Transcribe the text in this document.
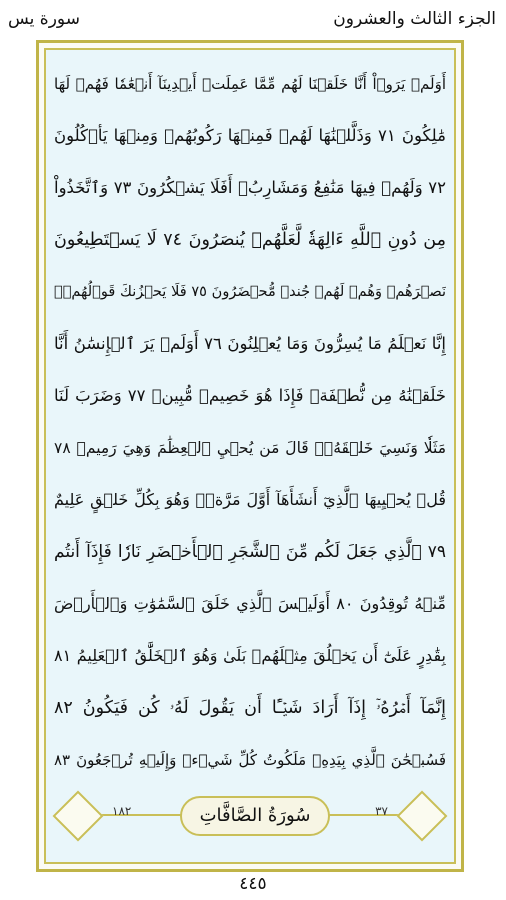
الجزء الثالث والعشرون
سورة يس
أَوَلَمۡ يَرَوۡاْ أَنَّا خَلَقۡنَا لَهُم مِّمَّا عَمِلَتۡ أَيۡدِينَآ أَنۡعَٰمٗا فَهُمۡ لَهَا
مَٰلِكُونَ ٧١ وَذَلَّلۡنَٰهَا لَهُمۡ فَمِنۡهَا رَكُوبُهُمۡ وَمِنۡهَا يَأۡكُلُونَ
٧٢ وَلَهُمۡ فِيهَا مَنَٰفِعُ وَمَشَارِبُۚ أَفَلَا يَشۡكُرُونَ ٧٣ وَٱتَّخَذُواْ
مِن دُونِ ٱللَّهِ ءَالِهَةٗ لَّعَلَّهُمۡ يُنصَرُونَ ٧٤ لَا يَسۡتَطِيعُونَ
نَصۡرَهُمۡ وَهُمۡ لَهُمۡ جُندٞ مُّحۡضَرُونَ ٧٥ فَلَا يَحۡزُنكَ قَوۡلُهُمۡۘ
إِنَّا نَعۡلَمُ مَا يُسِرُّونَ وَمَا يُعۡلِنُونَ ٧٦ أَوَلَمۡ يَرَ ٱلۡإِنسَٰنُ أَنَّا
خَلَقۡنَٰهُ مِن نُّطۡفَةٖ فَإِذَا هُوَ خَصِيمٞ مُّبِينٞ ٧٧ وَضَرَبَ لَنَا
مَثَلٗا وَنَسِيَ خَلۡقَهُۥۖ قَالَ مَن يُحۡيِ ٱلۡعِظَٰمَ وَهِيَ رَمِيمٞ ٧٨
قُلۡ يُحۡيِيهَا ٱلَّذِيٓ أَنشَأَهَآ أَوَّلَ مَرَّةٖۖ وَهُوَ بِكُلِّ خَلۡقٍ عَلِيمٌ
٧٩ ٱلَّذِي جَعَلَ لَكُم مِّنَ ٱلشَّجَرِ ٱلۡأَخۡضَرِ نَارٗا فَإِذَآ أَنتُم
مِّنۡهُ تُوقِدُونَ ٨٠ أَوَلَيۡسَ ٱلَّذِي خَلَقَ ٱلسَّمَٰوَٰتِ وَٱلۡأَرۡضَ
بِقَٰدِرٍ عَلَىٰٓ أَن يَخۡلُقَ مِثۡلَهُمۚ بَلَىٰ وَهُوَ ٱلۡخَلَّٰقُ ٱلۡعَلِيمُ ٨١
إِنَّمَآ أَمۡرُهُۥٓ إِذَآ أَرَادَ شَيۡـًٔا أَن يَقُولَ لَهُۥ كُن فَيَكُونُ ٨٢
فَسُبۡحَٰنَ ٱلَّذِي بِيَدِهِۦ مَلَكُوتُ كُلِّ شَيۡءٖ وَإِلَيۡهِ تُرۡجَعُونَ ٨٣
١٨٢	٣٧
سُورَةُ الصَّافَّاتِ
٤٤٥
